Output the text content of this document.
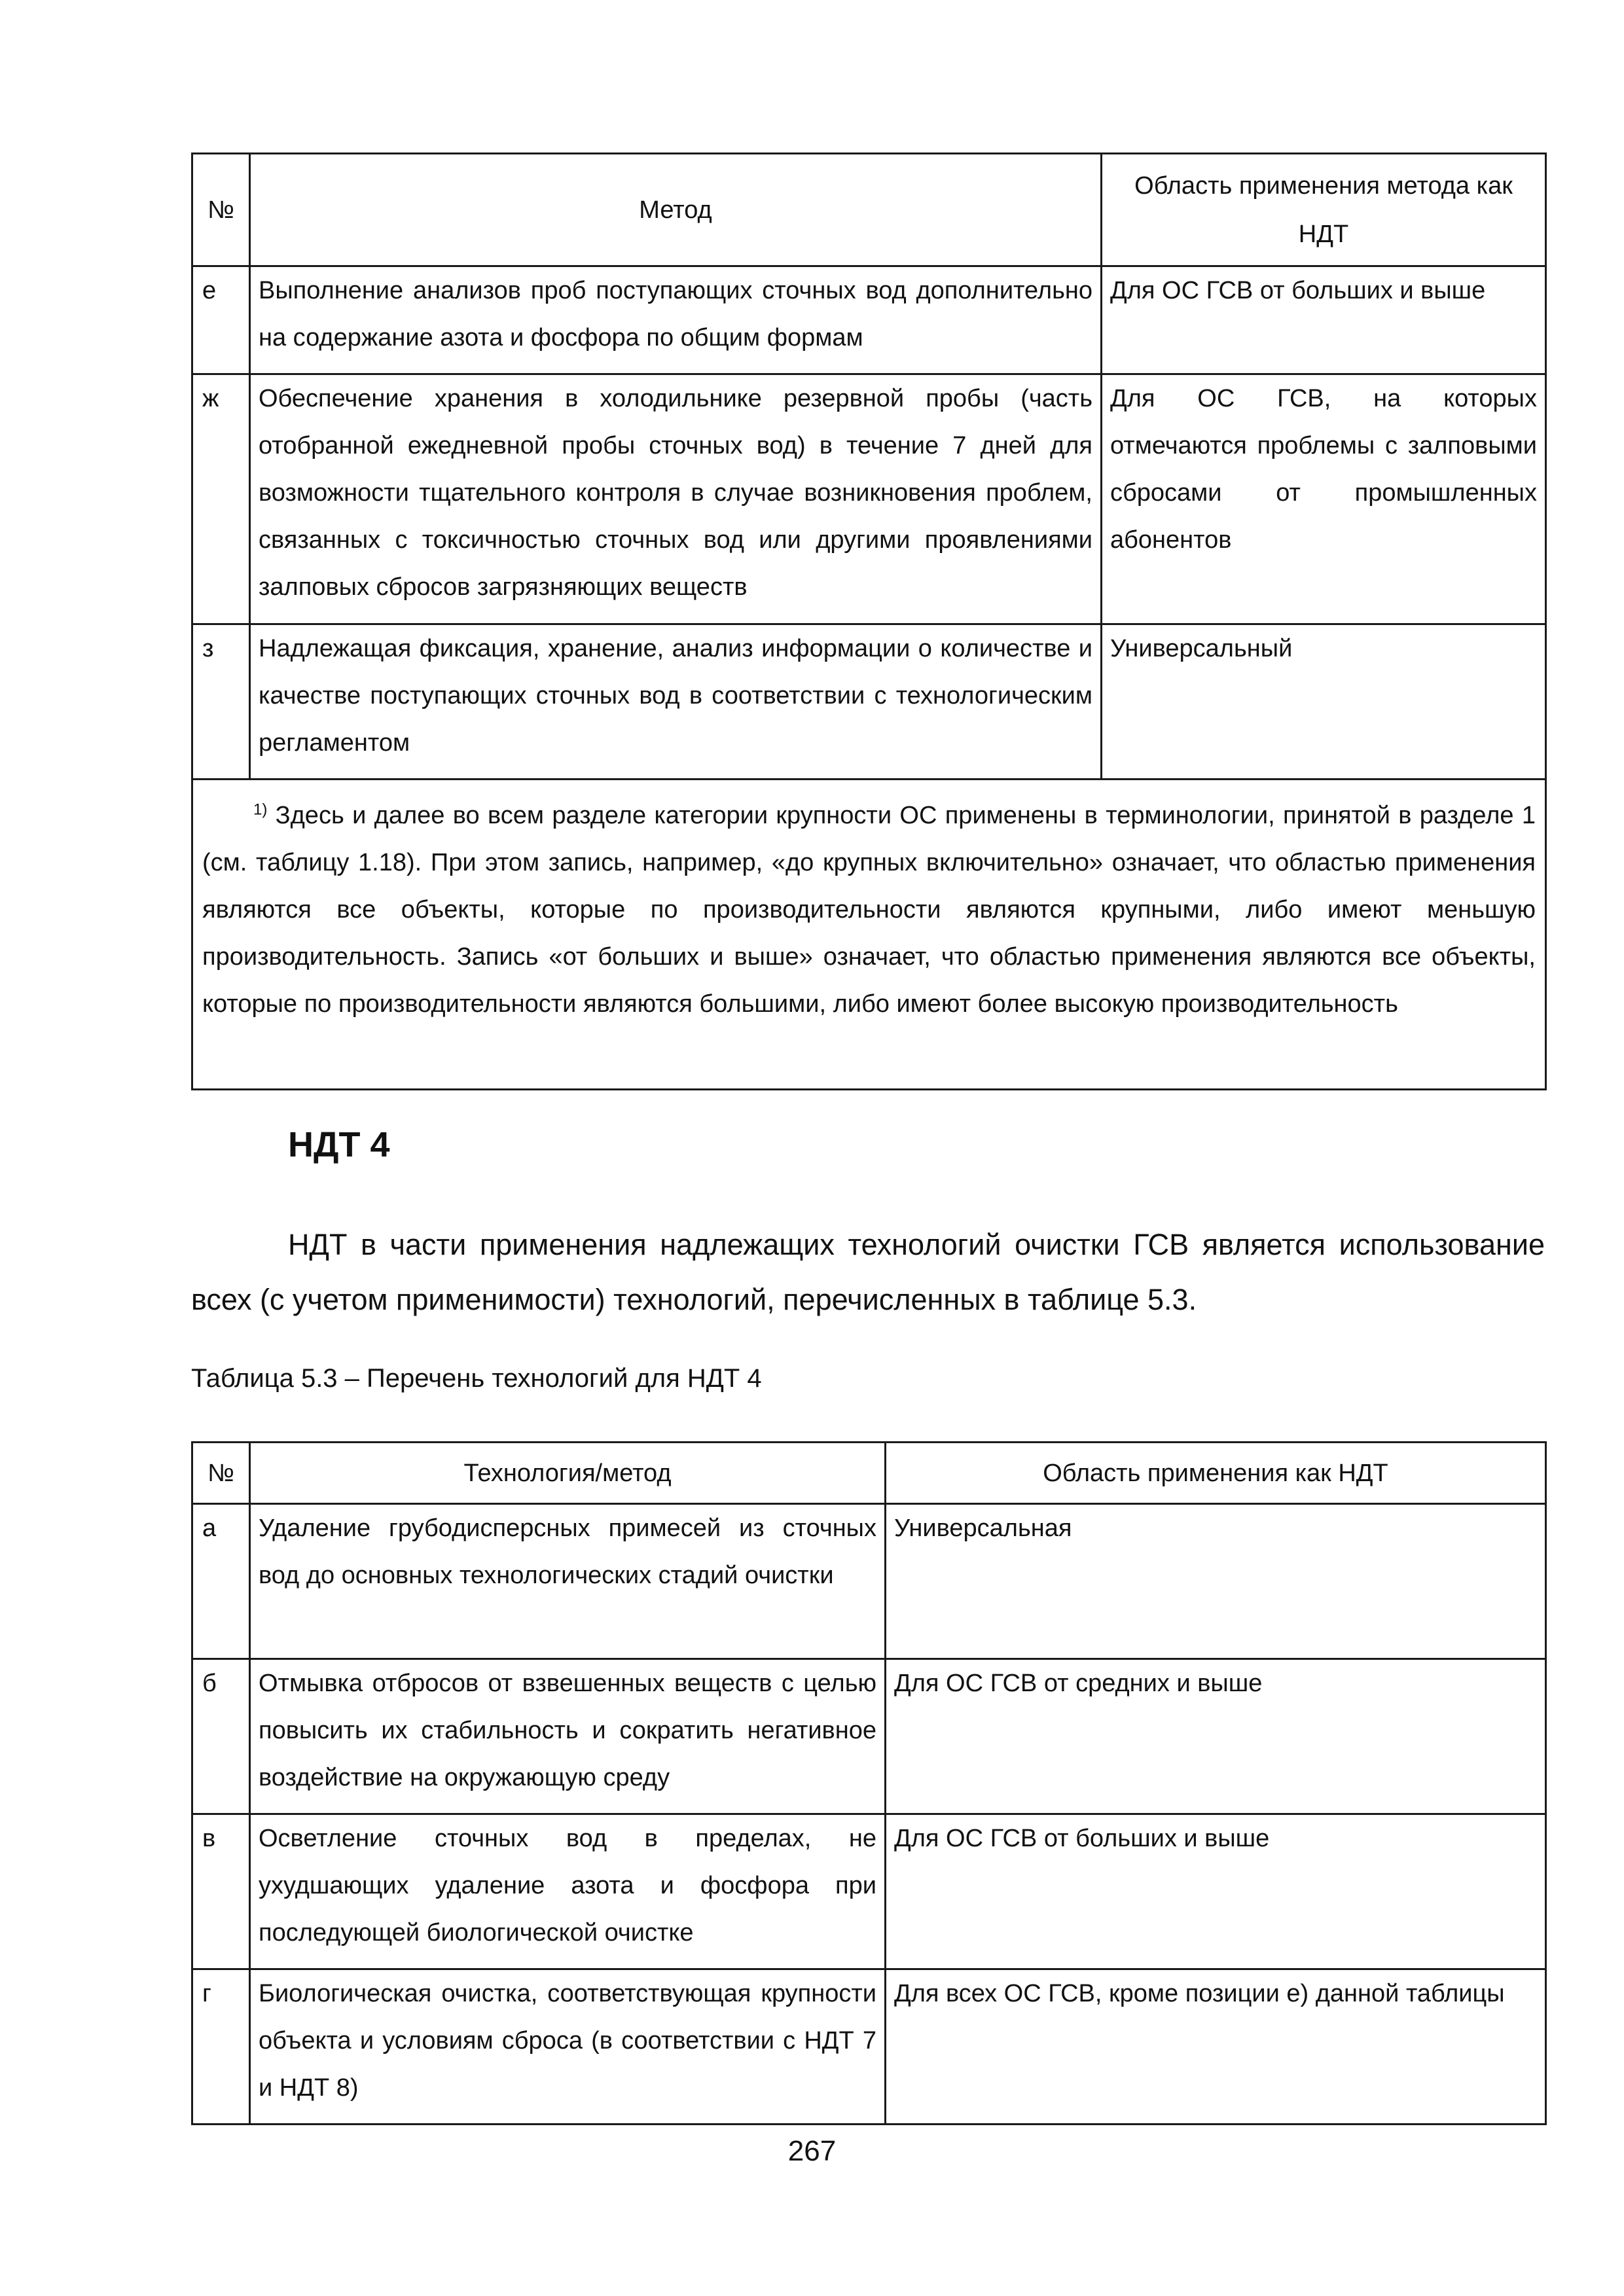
№	Метод	Область применения метода как НДТ
е	Выполнение анализов проб поступающих сточных вод дополнительно на содержание азота и фосфора по общим формам	Для ОС ГСВ от больших и выше
ж	Обеспечение хранения в холодильнике резервной пробы (часть отобранной ежедневной пробы сточных вод) в течение 7 дней для возможности тщательного контроля в случае возникновения проблем, связанных с токсичностью сточных вод или другими проявлениями залповых сбросов загрязняющих веществ	Для ОС ГСВ, на которых отмечаются проблемы с залповыми сбросами от промышленных абонентов
з	Надлежащая фиксация, хранение, анализ информации о количестве и качестве поступающих сточных вод в соответствии с технологическим регламентом	Универсальный
$^{1)}$ Здесь и далее во всем разделе категории крупности ОС применены в терминологии, принятой в разделе 1 (см. таблицу 1.18). При этом запись, например, «до крупных включительно» означает, что областью применения являются все объекты, которые по производительности являются крупными, либо имеют меньшую производительность. Запись «от больших и выше» означает, что областью применения являются все объекты, которые по производительности являются большими, либо имеют более высокую производительность		
НДТ 4

НДТ в части применения надлежащих технологий очистки ГСВ является использование всех (с учетом применимости) технологий, перечисленных в таблице 5.3.

Таблица 5.3 – Перечень технологий для НДТ 4

№	Технология/метод	Область применения как НДТ
а	Удаление грубодисперсных примесей из сточных вод до основных технологических стадий очистки	Универсальная
б	Отмывка отбросов от взвешенных веществ с целью повысить их стабильность и сократить негативное воздействие на окружающую среду	Для ОС ГСВ от средних и выше
в	Осветление сточных вод в пределах, не ухудшающих удаление азота и фосфора при последующей биологической очистке	Для ОС ГСВ от больших и выше
г	Биологическая очистка, соответствующая крупности объекта и условиям сброса (в соответствии с НДТ 7 и НДТ 8)	Для всех ОС ГСВ, кроме позиции е) данной таблицы
267
